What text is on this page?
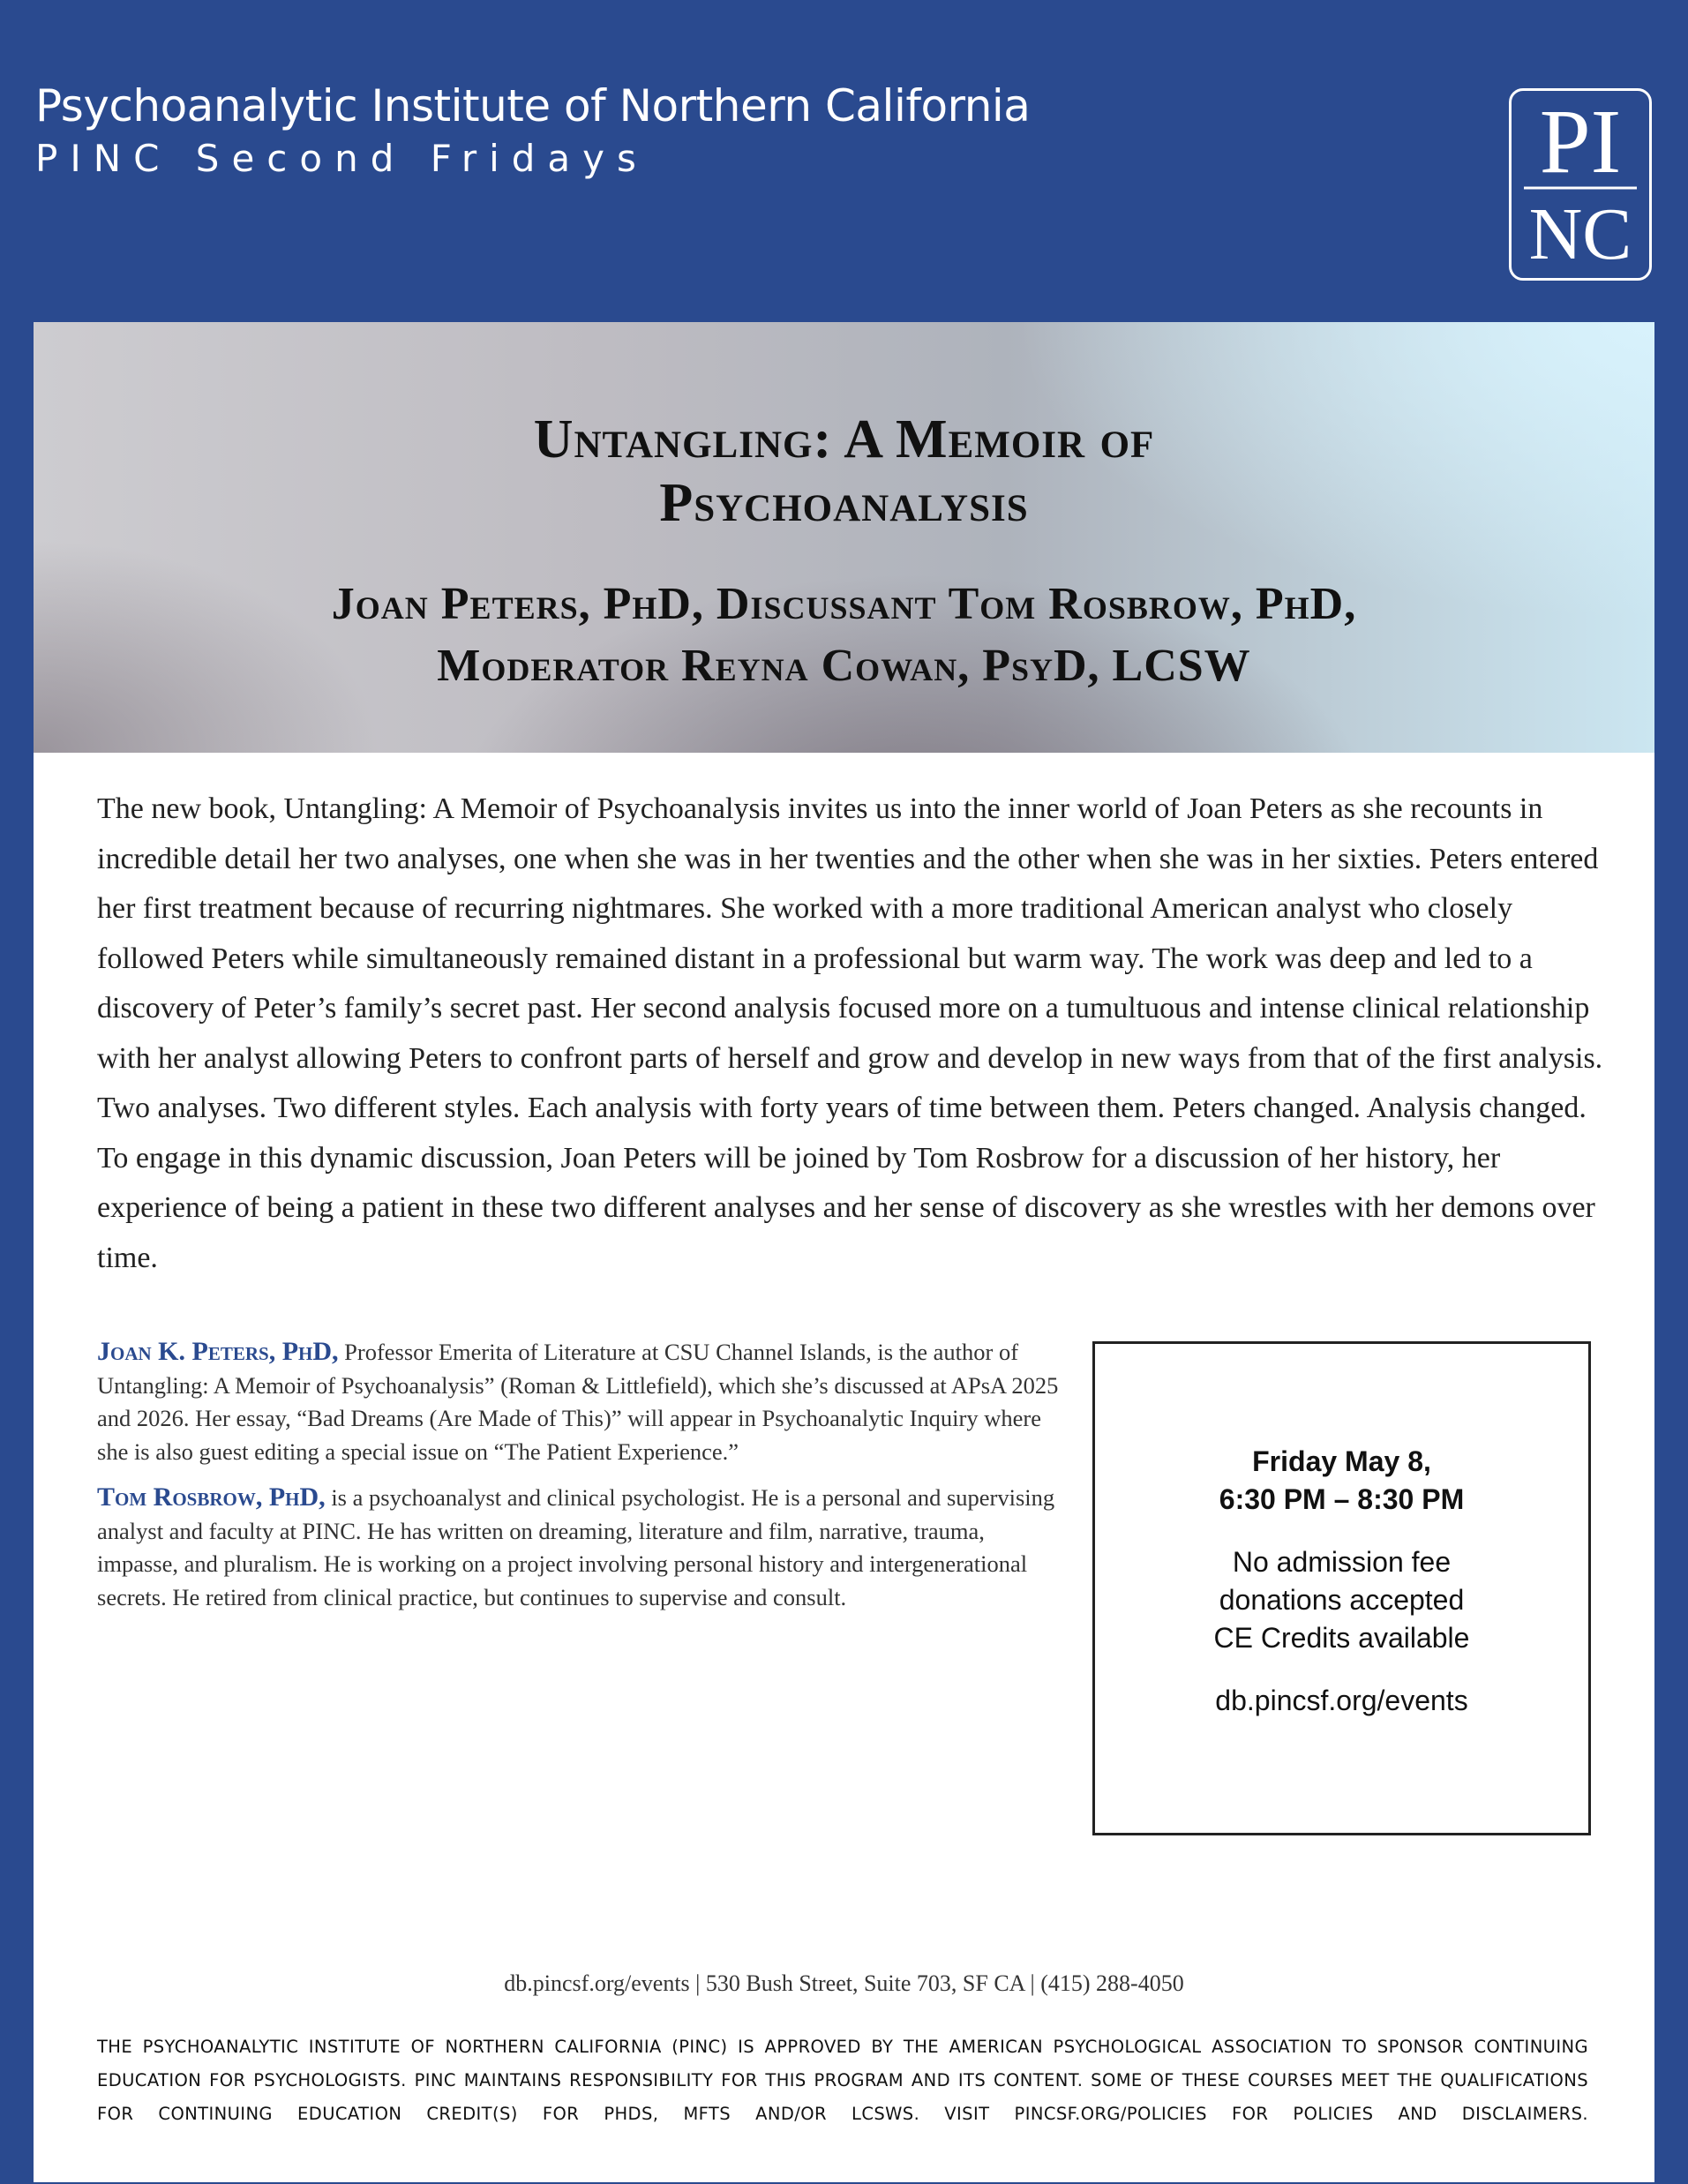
Psychoanalytic Institute of Northern California
PINC Second Fridays	PI
NC
Untangling: A Memoir of
Psychoanalysis
Joan Peters, PhD, Discussant Tom Rosbrow, PhD,
Moderator Reyna Cowan, PsyD, LCSW

The new book, Untangling: A Memoir of Psychoanalysis invites us into the inner world of Joan Peters as she recounts in incredible detail her two analyses, one when she was in her twenties and the other when she was in her sixties. Peters entered her first treatment because of recurring nightmares. She worked with a more traditional American analyst who closely followed Peters while simultaneously remained distant in a professional but warm way. The work was deep and led to a discovery of Peter’s family’s secret past. Her second analysis focused more on a tumultuous and intense clinical relationship with her analyst allowing Peters to confront parts of herself and grow and develop in new ways from that of the first analysis. Two analyses. Two different styles. Each analysis with forty years of time between them. Peters changed. Analysis changed. To engage in this dynamic discussion, Joan Peters will be joined by Tom Rosbrow for a discussion of her history, her experience of being a patient in these two different analyses and her sense of discovery as she wrestles with her demons over time.

Joan K. Peters, PhD, Professor Emerita of Literature at CSU Channel Islands, is the author of Untangling: A Memoir of Psychoanalysis” (Roman & Littlefield), which she’s discussed at APsA 2025 and 2026. Her essay, “Bad Dreams (Are Made of This)” will appear in Psychoanalytic Inquiry where she is also guest editing a special issue on “The Patient Experience.”

Tom Rosbrow, PhD, is a psychoanalyst and clinical psychologist. He is a personal and supervising analyst and faculty at PINC. He has written on dreaming, literature and film, narrative, trauma, impasse, and pluralism. He is working on a project involving personal history and intergenerational secrets. He retired from clinical practice, but continues to supervise and consult.

Friday May 8,
6:30 PM – 8:30 PM
No admission fee
donations accepted
CE Credits available
db.pincsf.org/events
db.pincsf.org/events | 530 Bush Street, Suite 703, SF CA | (415) 288-4050

THE PSYCHOANALYTIC INSTITUTE OF NORTHERN CALIFORNIA (PINC) IS APPROVED BY THE AMERICAN PSYCHOLOGICAL ASSOCIATION TO SPONSOR CONTINUING EDUCATION FOR PSYCHOLOGISTS. PINC MAINTAINS RESPONSIBILITY FOR THIS PROGRAM AND ITS CONTENT. SOME OF THESE COURSES MEET THE QUALIFICATIONS FOR CONTINUING EDUCATION CREDIT(S) FOR PHDS, MFTS AND/OR LCSWS. VISIT PINCSF.ORG/POLICIES FOR POLICIES AND DISCLAIMERS.
